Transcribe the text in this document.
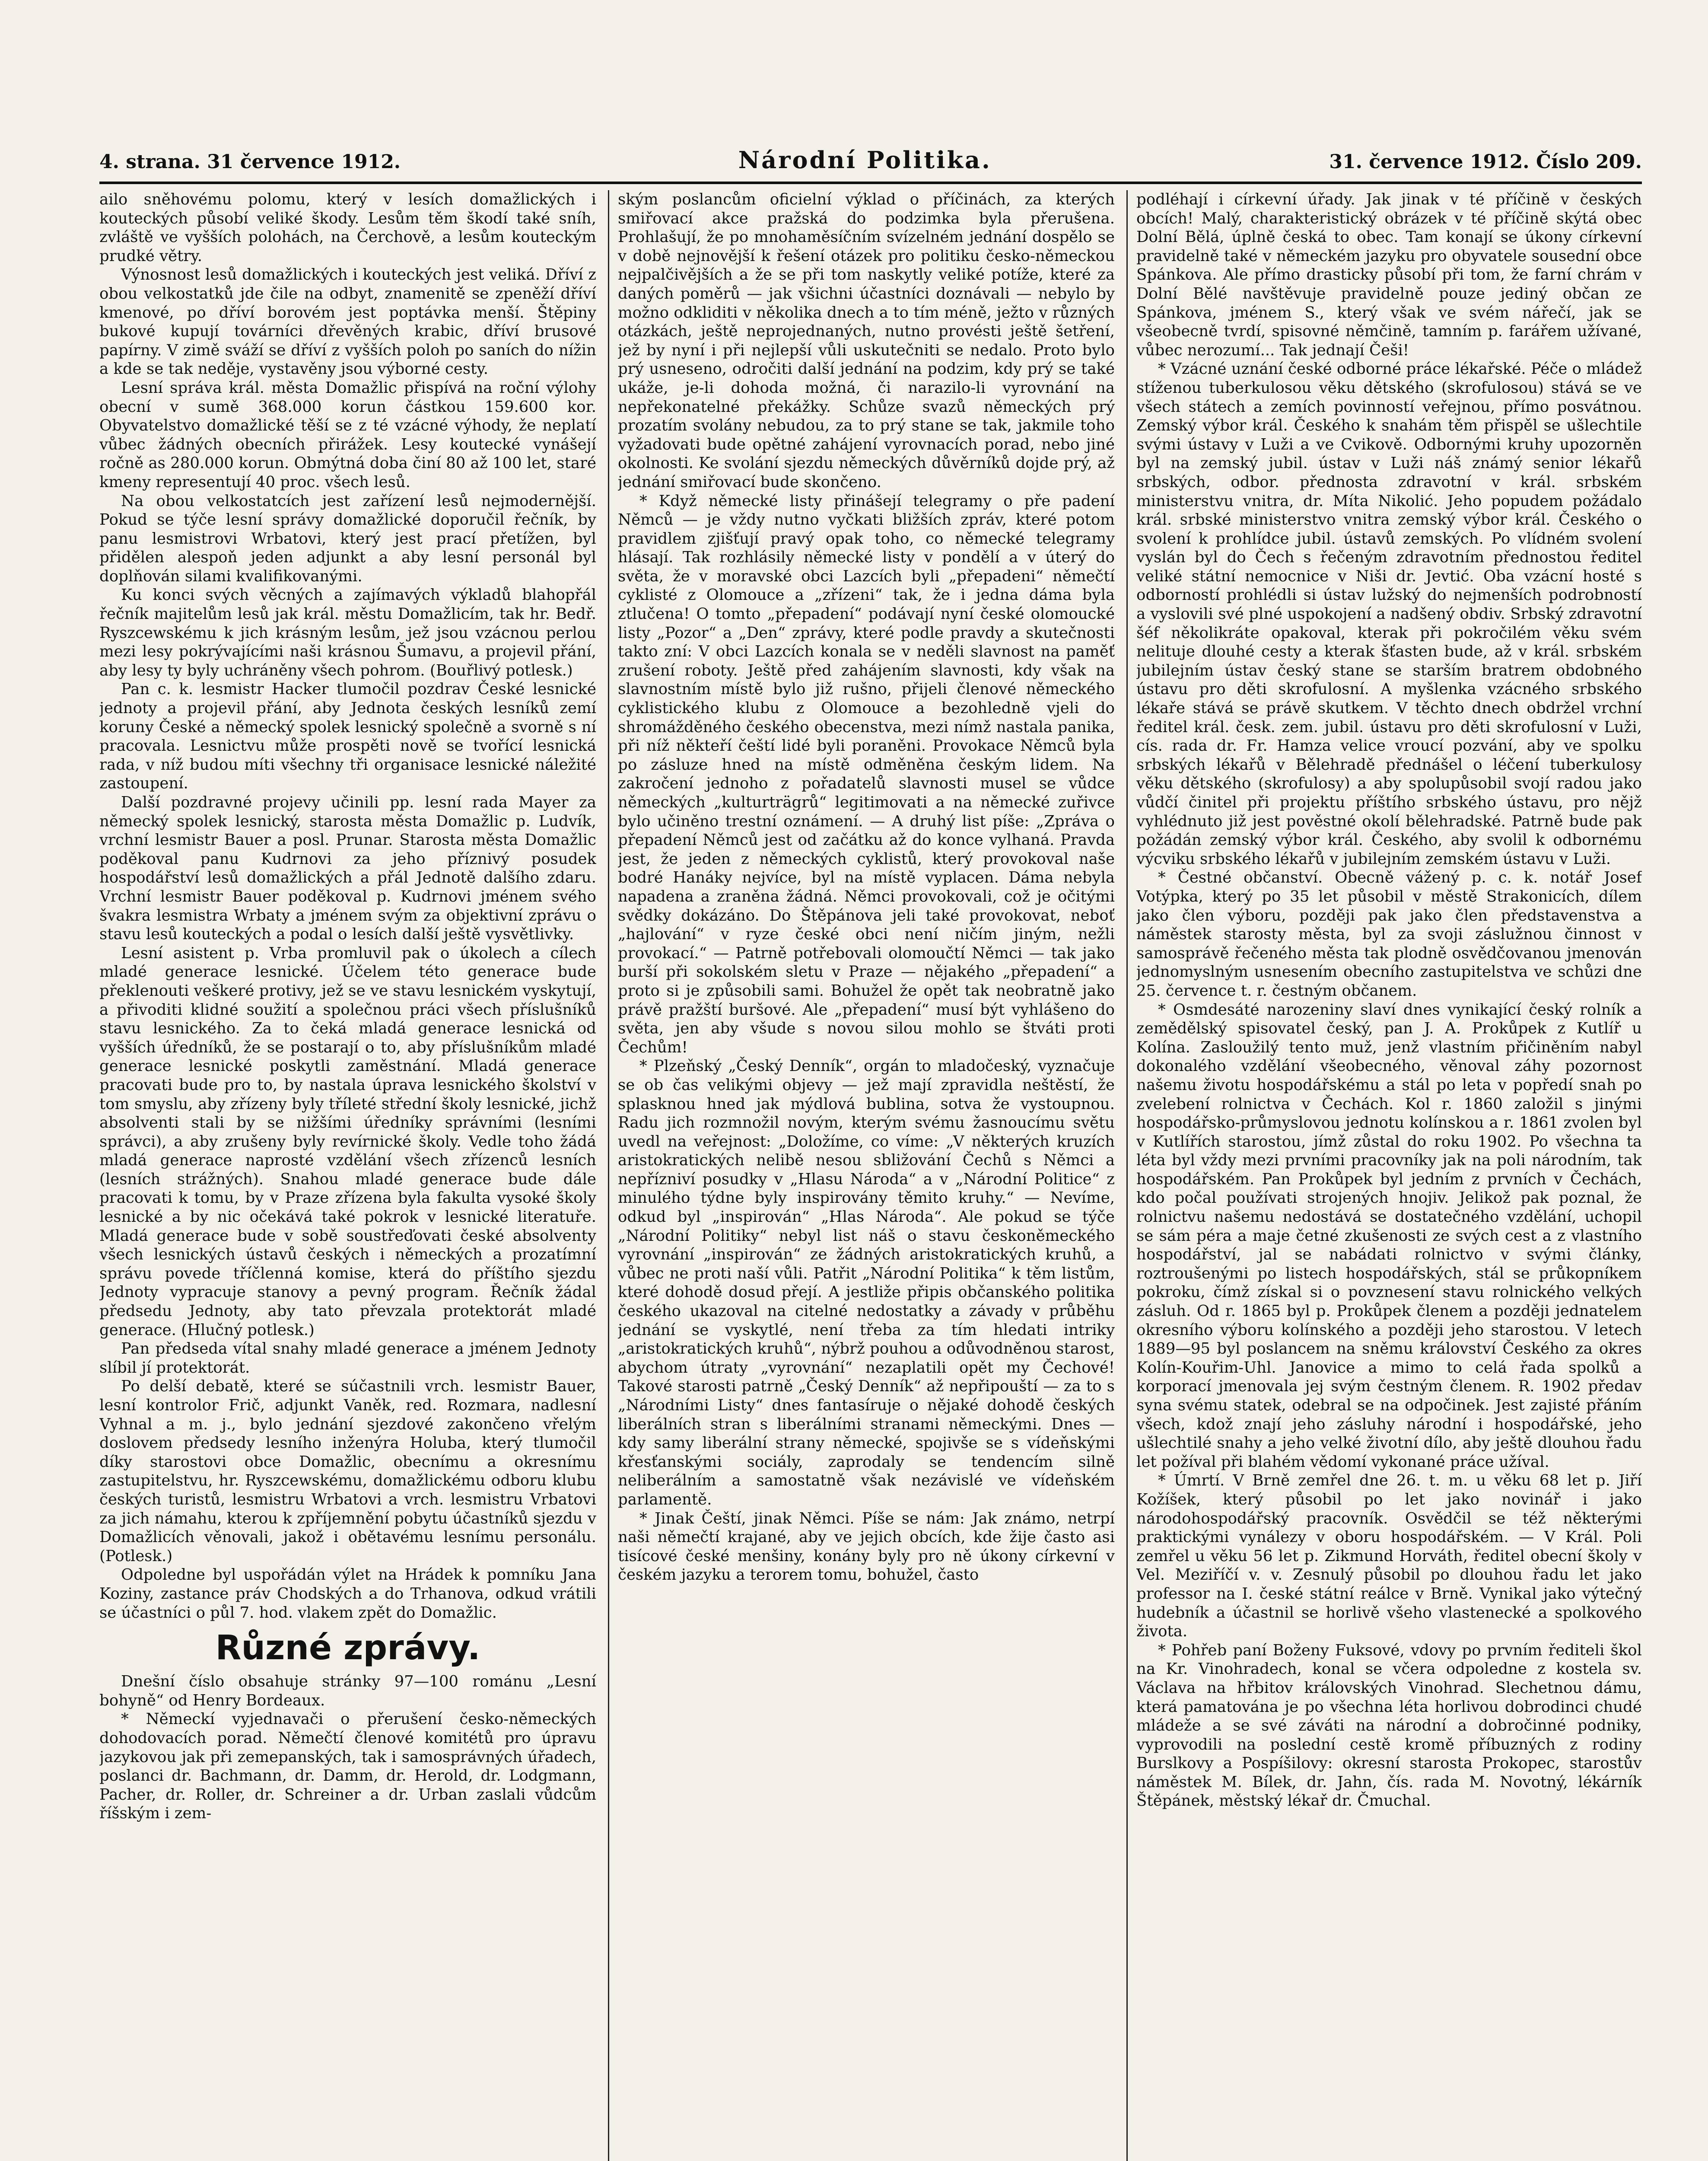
4. strana. 31 července 1912.	Národní Politika.	31. července 1912. Číslo 209.

ailo sněhovému polomu, který v lesích domažlických i kouteckých působí veliké škody. Lesům těm škodí také sníh, zvláště ve vyšších polohách, na Čerchově, a lesům kouteckým prudké větry.

Výnosnost lesů domažlických i kouteckých jest veliká. Dříví z obou velkostatků jde čile na odbyt, znamenitě se zpeněží dříví kmenové, po dříví borovém jest poptávka menší. Štěpiny bukové kupují továrníci dřevěných krabic, dříví brusové papírny. V zimě sváží se dříví z vyšších poloh po saních do nížin a kde se tak neděje, vystavěny jsou výborné cesty.

Lesní správa král. města Domažlic přispívá na roční výlohy obecní v sumě 368.000 korun částkou 159.600 kor. Obyvatelstvo domažlické těší se z té vzácné výhody, že neplatí vůbec žádných obecních přirážek. Lesy koutecké vynášejí ročně as 280.000 korun. Obmýtná doba činí 80 až 100 let, staré kmeny representují 40 proc. všech lesů.

Na obou velkostatcích jest zařízení lesů nejmodernější. Pokud se týče lesní správy domažlické doporučil řečník, by panu lesmistrovi Wrbatovi, který jest prací přetížen, byl přidělen alespoň jeden adjunkt a aby lesní personál byl doplňován silami kvalifikovanými.

Ku konci svých věcných a zajímavých výkladů blahopřál řečník majitelům lesů jak král. městu Domažlicím, tak hr. Bedř. Ryszcewskému k jich krásným lesům, jež jsou vzácnou perlou mezi lesy pokrývajícími naši krásnou Šumavu, a projevil přání, aby lesy ty byly uchráněny všech pohrom. (Bouřlivý potlesk.)

Pan c. k. lesmistr Hacker tlumočil pozdrav České lesnické jednoty a projevil přání, aby Jednota českých lesníků zemí koruny České a německý spolek lesnický společně a svorně s ní pracovala. Lesnictvu může prospěti nově se tvořící lesnická rada, v níž budou míti všechny tři organisace lesnické náležité zastoupení.

Další pozdravné projevy učinili pp. lesní rada Mayer za německý spolek lesnický, starosta města Domažlic p. Ludvík, vrchní lesmistr Bauer a posl. Prunar. Starosta města Domažlic poděkoval panu Kudrnovi za jeho příznivý posudek hospodářství lesů domažlických a přál Jednotě dalšího zdaru. Vrchní lesmistr Bauer poděkoval p. Kudrnovi jménem svého švakra lesmistra Wrbaty a jménem svým za objektivní zprávu o stavu lesů kouteckých a podal o lesích další ještě vysvětlivky.

Lesní asistent p. Vrba promluvil pak o úkolech a cílech mladé generace lesnické. Účelem této generace bude překlenouti veškeré protivy, jež se ve stavu lesnickém vyskytují, a přivoditi klidné soužití a společnou práci všech příslušníků stavu lesnického. Za to čeká mladá generace lesnická od vyšších úředníků, že se postarají o to, aby příslušníkům mladé generace lesnické poskytli zaměstnání. Mladá generace pracovati bude pro to, by nastala úprava lesnického školství v tom smyslu, aby zřízeny byly tříleté střední školy lesnické, jichž absolventi stali by se nižšími úředníky správními (lesními správci), a aby zrušeny byly revírnické školy. Vedle toho žádá mladá generace naprosté vzdělání všech zřízenců lesních (lesních strážných). Snahou mladé generace bude dále pracovati k tomu, by v Praze zřízena byla fakulta vysoké školy lesnické a by nic očekává také pokrok v lesnické literatuře. Mladá generace bude v sobě soustřeďovati české absolventy všech lesnických ústavů českých i německých a prozatímní správu povede tříčlenná komise, která do příštího sjezdu Jednoty vypracuje stanovy a pevný program. Řečník žádal předsedu Jednoty, aby tato převzala protektorát mladé generace. (Hlučný potlesk.)

Pan předseda vítal snahy mladé generace a jménem Jednoty slíbil jí protektorát.

Po delší debatě, které se súčastnili vrch. lesmistr Bauer, lesní kontrolor Frič, adjunkt Vaněk, red. Rozmara, nadlesní Vyhnal a m. j., bylo jednání sjezdové zakončeno vřelým doslovem předsedy lesního inženýra Holuba, který tlumočil díky starostovi obce Domažlic, obecnímu a okresnímu zastupitelstvu, hr. Ryszcewskému, domažlickému odboru klubu českých turistů, lesmistru Wrbatovi a vrch. lesmistru Vrbatovi za jich námahu, kterou k zpříjemnění pobytu účastníků sjezdu v Domažlicích věnovali, jakož i obětavému lesnímu personálu. (Potlesk.)

Odpoledne byl uspořádán výlet na Hrádek k pomníku Jana Koziny, zastance práv Chodských a do Trhanova, odkud vrátili se účastníci o půl 7. hod. vlakem zpět do Domažlic.

Různé zprávy.

Dnešní číslo obsahuje stránky 97—100 románu „Lesní bohyně“ od Henry Bordeaux.

* Německí vyjednavači o přerušení česko-německých dohodovacích porad. Němečtí členové komitétů pro úpravu jazykovou jak při zemepanských, tak i samosprávných úřadech, poslanci dr. Bachmann, dr. Damm, dr. Herold, dr. Lodgmann, Pacher, dr. Roller, dr. Schreiner a dr. Urban zaslali vůdcům říšským i zem-

ským poslancům oficielní výklad o příčinách, za kterých smiřovací akce pražská do podzimka byla přerušena. Prohlašují, že po mnohaměsíčním svízelném jednání dospělo se v době nejnovější k řešení otázek pro politiku česko-německou nejpalčivějších a že se při tom naskytly veliké potíže, které za daných poměrů — jak všichni účastníci doznávali — nebylo by možno odkliditi v několika dnech a to tím méně, ježto v různých otázkách, ještě neprojednaných, nutno provésti ještě šetření, jež by nyní i při nejlepší vůli uskutečniti se nedalo. Proto bylo prý usneseno, odročiti další jednání na podzim, kdy prý se také ukáže, je-li dohoda možná, či narazilo-li vyrovnání na nepřekonatelné překážky. Schůze svazů německých prý prozatím svolány nebudou, za to prý stane se tak, jakmile toho vyžadovati bude opětné zahájení vyrovnacích porad, nebo jiné okolnosti. Ke svolání sjezdu německých důvěrníků dojde prý, až jednání smiřovací bude skončeno.

* Když německé listy přinášejí telegramy o pře padení Němců — je vždy nutno vyčkati bližších zpráv, které potom pravidlem zjišťují pravý opak toho, co německé telegramy hlásají. Tak rozhlásily německé listy v pondělí a v úterý do světa, že v moravské obci Lazcích byli „přepadeni“ němečtí cyklisté z Olomouce a „zřízeni“ tak, že i jedna dáma byla ztlučena! O tomto „přepadení“ podávají nyní české olomoucké listy „Pozor“ a „Den“ zprávy, které podle pravdy a skutečnosti takto zní: V obci Lazcích konala se v neděli slavnost na paměť zrušení roboty. Ještě před zahájením slavnosti, kdy však na slavnostním místě bylo již rušno, přijeli členové německého cyklistického klubu z Olomouce a bezohledně vjeli do shromážděného českého obecenstva, mezi nímž nastala panika, při níž někteří čeští lidé byli poraněni. Provokace Němců byla po zásluze hned na místě odměněna českým lidem. Na zakročení jednoho z pořadatelů slavnosti musel se vůdce německých „kulturträgrů“ legitimovati a na německé zuřivce bylo učiněno trestní oznámení. — A druhý list píše: „Zpráva o přepadení Němců jest od začátku až do konce vylhaná. Pravda jest, že jeden z německých cyklistů, který provokoval naše bodré Hanáky nejvíce, byl na místě vyplacen. Dáma nebyla napadena a zraněna žádná. Němci provokovali, což je očitými svědky dokázáno. Do Štěpánova jeli také provokovat, neboť „hajlování“ v ryze české obci není ničím jiným, nežli provokací.“ — Patrně potřebovali olomoučtí Němci — tak jako burší při sokolském sletu v Praze — nějakého „přepadení“ a proto si je způsobili sami. Bohužel že opět tak neobratně jako právě pražští buršové. Ale „přepadení“ musí být vyhlášeno do světa, jen aby všude s novou silou mohlo se štváti proti Čechům!

* Plzeňský „Český Denník“, orgán to mladočeský, vyznačuje se ob čas velikými objevy — jež mají zpravidla neštěstí, že splasknou hned jak mýdlová bublina, sotva že vystoupnou. Radu jich rozmnožil novým, kterým svému žasnoucímu světu uvedl na veřejnost: „Doložíme, co víme: „V některých kruzích aristokratických nelibě nesou sbližování Čechů s Němci a nepřízniví posudky v „Hlasu Národa“ a v „Národní Politice“ z minulého týdne byly inspirovány těmito kruhy.“ — Nevíme, odkud byl „inspirován“ „Hlas Národa“. Ale pokud se týče „Národní Politiky“ nebyl list náš o stavu českoněmeckého vyrovnání „inspirován“ ze žádných aristokratických kruhů, a vůbec ne proti naší vůli. Patřit „Národní Politika“ k těm listům, které dohodě dosud přejí. A jestliže připis občanského politika českého ukazoval na citelné nedostatky a závady v průběhu jednání se vyskytlé, není třeba za tím hledati intriky „aristokratických kruhů“, nýbrž pouhou a odůvodněnou starost, abychom útraty „vyrovnání“ nezaplatili opět my Čechové! Takové starosti patrně „Český Denník“ až nepřipouští — za to s „Národními Listy“ dnes fantasíruje o nějaké dohodě českých liberálních stran s liberálními stranami německými. Dnes — kdy samy liberální strany německé, spojivše se s vídeňskými křesťanskými sociály, zaprodaly se tendencím silně neliberálním a samostatně však nezávislé ve vídeňském parlamentě.

* Jinak Čeští, jinak Němci. Píše se nám: Jak známo, netrpí naši němečtí krajané, aby ve jejich obcích, kde žije často asi tisícové české menšiny, konány byly pro ně úkony církevní v českém jazyku a terorem tomu, bohužel, často

podléhají i církevní úřady. Jak jinak v té příčině v českých obcích! Malý, charakteristický obrázek v té příčině skýtá obec Dolní Bělá, úplně česká to obec. Tam konají se úkony církevní pravidelně také v německém jazyku pro obyvatele sousední obce Spánkova. Ale přímo drasticky působí při tom, že farní chrám v Dolní Bělé navštěvuje pravidelně pouze jediný občan ze Spánkova, jménem S., který však ve svém nářečí, jak se všeobecně tvrdí, spisovné němčině, tamním p. farářem užívané, vůbec nerozumí... Tak jednají Češi!

* Vzácné uznání české odborné práce lékařské. Péče o mládež stíženou tuberkulosou věku dětského (skrofulosou) stává se ve všech státech a zemích povinností veřejnou, přímo posvátnou. Zemský výbor král. Českého k snahám těm přispěl se ušlechtile svými ústavy v Luži a ve Cvikově. Odbornými kruhy upozorněn byl na zemský jubil. ústav v Luži náš známý senior lékařů srbských, odbor. přednosta zdravotní v král. srbském ministerstvu vnitra, dr. Míta Nikolić. Jeho popudem požádalo král. srbské ministerstvo vnitra zemský výbor král. Českého o svolení k prohlídce jubil. ústavů zemských. Po vlídném svolení vyslán byl do Čech s řečeným zdravotním přednostou ředitel veliké státní nemocnice v Niši dr. Jevtić. Oba vzácní hosté s odborností prohlédli si ústav lužský do nejmenších podrobností a vyslovili své plné uspokojení a nadšený obdiv. Srbský zdravotní šéf několikráte opakoval, kterak při pokročilém věku svém nelituje dlouhé cesty a kterak šťasten bude, až v král. srbském jubilejním ústav český stane se starším bratrem obdobného ústavu pro děti skrofulosní. A myšlenka vzácného srbského lékaře stává se právě skutkem. V těchto dnech obdržel vrchní ředitel král. česk. zem. jubil. ústavu pro děti skrofulosní v Luži, cís. rada dr. Fr. Hamza velice vroucí pozvání, aby ve spolku srbských lékařů v Bělehradě přednášel o léčení tuberkulosy věku dětského (skrofulosy) a aby spolupůsobil svojí radou jako vůdčí činitel při projektu příštího srbského ústavu, pro nějž vyhlédnuto již jest pověstné okolí bělehradské. Patrně bude pak požádán zemský výbor král. Českého, aby svolil k odbornému výcviku srbského lékařů v jubilejním zemském ústavu v Luži.

* Čestné občanství. Obecně vážený p. c. k. notář Josef Votýpka, který po 35 let působil v městě Strakonicích, dílem jako člen výboru, později pak jako člen představenstva a náměstek starosty města, byl za svoji záslužnou činnost v samosprávě řečeného města tak plodně osvědčovanou jmenován jednomyslným usnesením obecního zastupitelstva ve schůzi dne 25. července t. r. čestným občanem.

* Osmdesáté narozeniny slaví dnes vynikající český rolník a zemědělský spisovatel český, pan J. A. Prokůpek z Kutlíř u Kolína. Zasloužilý tento muž, jenž vlastním přičiněním nabyl dokonalého vzdělání všeobecného, věnoval záhy pozornost našemu životu hospodářskému a stál po leta v popředí snah po zvelebení rolnictva v Čechách. Kol r. 1860 založil s jinými hospodářsko-průmyslovou jednotu kolínskou a r. 1861 zvolen byl v Kutlířích starostou, jímž zůstal do roku 1902. Po všechna ta léta byl vždy mezi prvními pracovníky jak na poli národním, tak hospodářském. Pan Prokůpek byl jedním z prvních v Čechách, kdo počal používati strojených hnojiv. Jelikož pak poznal, že rolnictvu našemu nedostává se dostatečného vzdělání, uchopil se sám péra a maje četné zkušenosti ze svých cest a z vlastního hospodářství, jal se nabádati rolnictvo v svými články, roztroušenými po listech hospodářských, stál se průkopníkem pokroku, čímž získal si o povznesení stavu rolnického velkých zásluh. Od r. 1865 byl p. Prokůpek členem a později jednatelem okresního výboru kolínského a později jeho starostou. V letech 1889—95 byl poslancem na sněmu království Českého za okres Kolín-Kouřim-Uhl. Janovice a mimo to celá řada spolků a korporací jmenovala jej svým čestným členem. R. 1902 předav syna svému statek, odebral se na odpočinek. Jest zajisté přáním všech, kdož znají jeho zásluhy národní i hospodářské, jeho ušlechtilé snahy a jeho velké životní dílo, aby ještě dlouhou řadu let požíval při blahém vědomí vykonané práce užíval.

* Úmrtí. V Brně zemřel dne 26. t. m. u věku 68 let p. Jiří Kožíšek, který působil po let jako novinář i jako národohospodářský pracovník. Osvědčil se též některými praktickými vynálezy v oboru hospodářském. — V Král. Poli zemřel u věku 56 let p. Zikmund Horváth, ředitel obecní školy v Vel. Meziříčí v. v. Zesnulý působil po dlouhou řadu let jako professor na I. české státní reálce v Brně. Vynikal jako výtečný hudebník a účastnil se horlivě všeho vlastenecké a spolkového života.

* Pohřeb paní Boženy Fuksové, vdovy po prvním řediteli škol na Kr. Vinohradech, konal se včera odpoledne z kostela sv. Václava na hřbitov královských Vinohrad. Slechetnou dámu, která pamatována je po všechna léta horlivou dobrodinci chudé mládeže a se své záváti na národní a dobročinné podniky, vyprovodili na poslední cestě kromě příbuzných z rodiny Burslkovy a Pospíšilovy: okresní starosta Prokopec, starostův náměstek M. Bílek, dr. Jahn, čís. rada M. Novotný, lékárník Štěpánek, městský lékař dr. Čmuchal.
